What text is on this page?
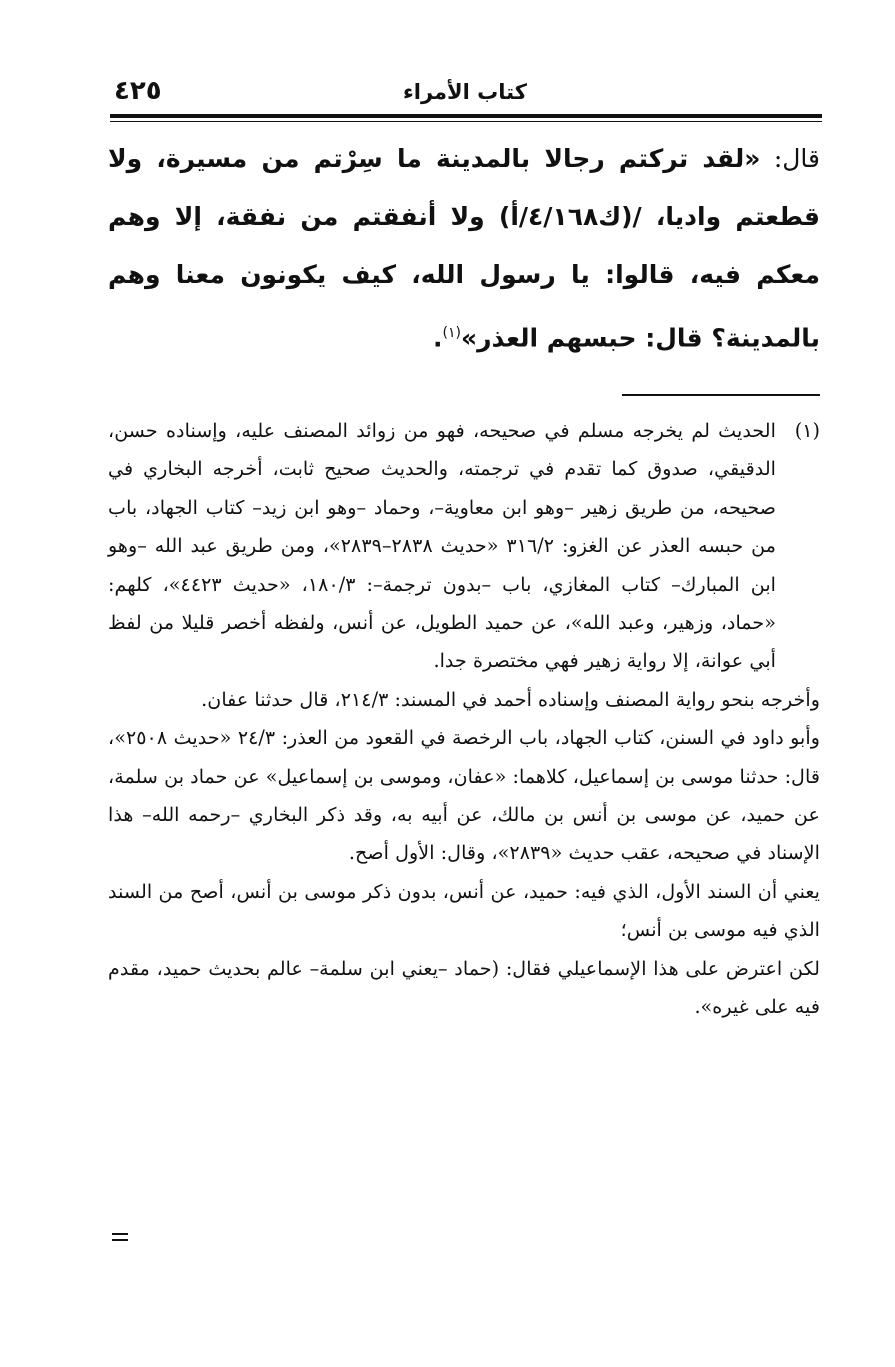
كتاب الأمراء
٤٢٥
قال: «لقد تركتم رجالا بالمدينة ما سِرْتم من مسيرة، ولا قطعتم واديا، /(ك٤/١٦٨/أ) ولا أنفقتم من نفقة، إلا وهم معكم فيه، قالوا: يا رسول الله، كيف يكونون معنا وهم بالمدينة؟ قال: حبسهم العذر»$^{(١)}$.

(١)
الحديث لم يخرجه مسلم في صحيحه، فهو من زوائد المصنف عليه، وإسناده حسن، الدقيقي، صدوق كما تقدم في ترجمته، والحديث صحيح ثابت، أخرجه البخاري في صحيحه، من طريق زهير –وهو ابن معاوية–، وحماد –وهو ابن زيد– كتاب الجهاد، باب من حبسه العذر عن الغزو: ٣١٦/٢ «حديث ٢٨٣٨–٢٨٣٩»، ومن طريق عبد الله –وهو ابن المبارك– كتاب المغازي، باب –بدون ترجمة–: ١٨٠/٣، «حديث ٤٤٢٣»، كلهم: «حماد، وزهير، وعبد الله»، عن حميد الطويل، عن أنس، ولفظه أخصر قليلا من لفظ أبي عوانة، إلا رواية زهير فهي مختصرة جدا.

وأخرجه بنحو رواية المصنف وإسناده أحمد في المسند: ٢١٤/٣، قال حدثنا عفان.

وأبو داود في السنن، كتاب الجهاد، باب الرخصة في القعود من العذر: ٢٤/٣ «حديث ٢٥٠٨»، قال: حدثنا موسى بن إسماعيل، كلاهما: «عفان، وموسى بن إسماعيل» عن حماد بن سلمة، عن حميد، عن موسى بن أنس بن مالك، عن أبيه به، وقد ذكر البخاري –رحمه الله– هذا الإسناد في صحيحه، عقب حديث «٢٨٣٩»، وقال: الأول أصح.

يعني أن السند الأول، الذي فيه: حميد، عن أنس، بدون ذكر موسى بن أنس، أصح من السند الذي فيه موسى بن أنس؛

لكن اعترض على هذا الإسماعيلي فقال: (حماد –يعني ابن سلمة– عالم بحديث حميد، مقدم فيه على غيره».
